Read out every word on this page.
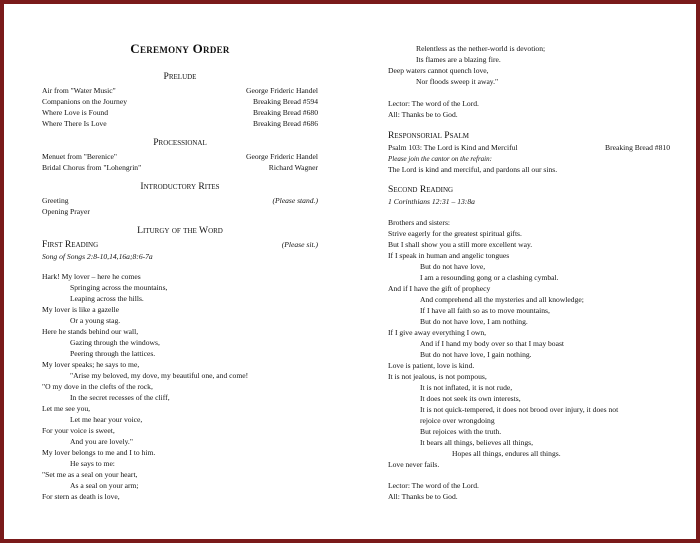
Ceremony Order
Prelude
Air from "Water Music"	George Frideric Handel
Companions on the Journey	Breaking Bread #594
Where Love is Found	Breaking Bread #680
Where There Is Love	Breaking Bread #686
Processional
Menuet from "Berenice"	George Frideric Handel
Bridal Chorus from "Lohengrin"	Richard Wagner
Introductory Rites
Greeting	(Please stand.)
Opening Prayer
Liturgy of the Word
First Reading	(Please sit.)
Song of Songs 2:8-10,14,16a;8:6-7a
Hark! My lover – here he comes
Springing across the mountains,
Leaping across the hills.
My lover is like a gazelle
Or a young stag.
Here he stands behind our wall,
Gazing through the windows,
Peering through the lattices.
My lover speaks; he says to me,
"Arise my beloved, my dove, my beautiful one, and come!
"O my dove in the clefts of the rock,
In the secret recesses of the cliff,
Let me see you,
Let me hear your voice,
For your voice is sweet,
And you are lovely."
My lover belongs to me and I to him.
He says to me:
"Set me as a seal on your heart,
As a seal on your arm;
For stern as death is love,
Relentless as the nether-world is devotion;
Its flames are a blazing fire.
Deep waters cannot quench love,
Nor floods sweep it away."
Lector: The word of the Lord.
All: Thanks be to God.
Responsorial Psalm
Psalm 103: The Lord is Kind and Merciful	Breaking Bread #810
Please join the cantor on the refrain:
The Lord is kind and merciful, and pardons all our sins.
Second Reading
1 Corinthians 12:31 – 13:8a
Brothers and sisters:
Strive eagerly for the greatest spiritual gifts.
But I shall show you a still more excellent way.
If I speak in human and angelic tongues
But do not have love,
I am a resounding gong or a clashing cymbal.
And if I have the gift of prophecy
And comprehend all the mysteries and all knowledge;
If I have all faith so as to move mountains,
But do not have love, I am nothing.
If I give away everything I own,
And if I hand my body over so that I may boast
But do not have love, I gain nothing.
Love is patient, love is kind.
It is not jealous, is not pompous,
It is not inflated, it is not rude,
It does not seek its own interests,
It is not quick-tempered, it does not brood over injury, it does not
rejoice over wrongdoing
But rejoices with the truth.
It bears all things, believes all things,
Hopes all things, endures all things.
Love never fails.
Lector: The word of the Lord.
All: Thanks be to God.
